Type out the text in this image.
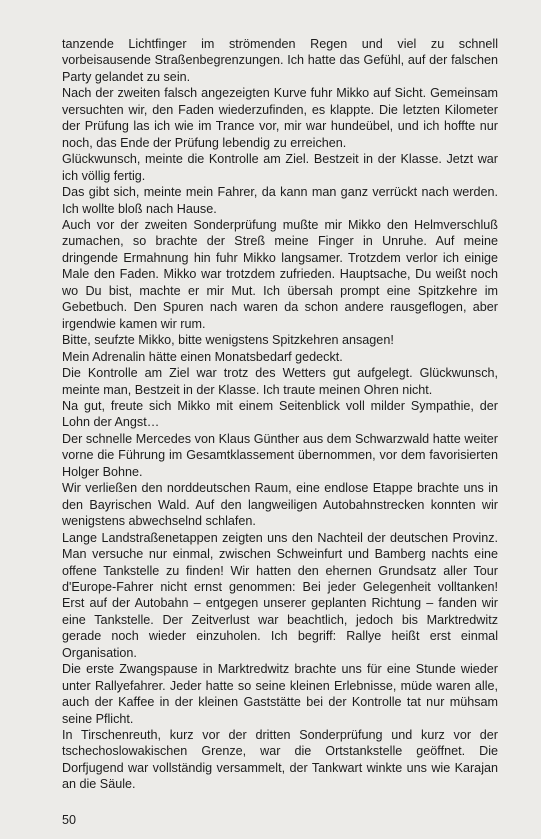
tanzende Lichtfinger im strömenden Regen und viel zu schnell vorbeisausende Straßenbegrenzungen. Ich hatte das Gefühl, auf der falschen Party gelandet zu sein.

Nach der zweiten falsch angezeigten Kurve fuhr Mikko auf Sicht. Gemeinsam versuchten wir, den Faden wiederzufinden, es klappte. Die letzten Kilometer der Prüfung las ich wie im Trance vor, mir war hundeübel, und ich hoffte nur noch, das Ende der Prüfung lebendig zu erreichen.

Glückwunsch, meinte die Kontrolle am Ziel. Bestzeit in der Klasse. Jetzt war ich völlig fertig.

Das gibt sich, meinte mein Fahrer, da kann man ganz verrückt nach werden. Ich wollte bloß nach Hause.

Auch vor der zweiten Sonderprüfung mußte mir Mikko den Helmverschluß zumachen, so brachte der Streß meine Finger in Unruhe. Auf meine dringende Ermahnung hin fuhr Mikko langsamer. Trotzdem verlor ich einige Male den Faden. Mikko war trotzdem zufrieden. Hauptsache, Du weißt noch wo Du bist, machte er mir Mut. Ich übersah prompt eine Spitzkehre im Gebetbuch. Den Spuren nach waren da schon andere rausgeflogen, aber irgendwie kamen wir rum.

Bitte, seufzte Mikko, bitte wenigstens Spitzkehren ansagen!

Mein Adrenalin hätte einen Monatsbedarf gedeckt.

Die Kontrolle am Ziel war trotz des Wetters gut aufgelegt. Glückwunsch, meinte man, Bestzeit in der Klasse. Ich traute meinen Ohren nicht.

Na gut, freute sich Mikko mit einem Seitenblick voll milder Sympathie, der Lohn der Angst…

Der schnelle Mercedes von Klaus Günther aus dem Schwarzwald hatte weiter vorne die Führung im Gesamtklassement übernommen, vor dem favorisierten Holger Bohne.

Wir verließen den norddeutschen Raum, eine endlose Etappe brachte uns in den Bayrischen Wald. Auf den langweiligen Autobahnstrecken konnten wir wenigstens abwechselnd schlafen.

Lange Landstraßenetappen zeigten uns den Nachteil der deutschen Provinz. Man versuche nur einmal, zwischen Schweinfurt und Bamberg nachts eine offene Tankstelle zu finden! Wir hatten den ehernen Grundsatz aller Tour d'Europe-Fahrer nicht ernst genommen: Bei jeder Gelegenheit volltanken! Erst auf der Autobahn – entgegen unserer geplanten Richtung – fanden wir eine Tankstelle. Der Zeitverlust war beachtlich, jedoch bis Marktredwitz gerade noch wieder einzuholen. Ich begriff: Rallye heißt erst einmal Organisation.

Die erste Zwangspause in Marktredwitz brachte uns für eine Stunde wieder unter Rallyefahrer. Jeder hatte so seine kleinen Erlebnisse, müde waren alle, auch der Kaffee in der kleinen Gaststätte bei der Kontrolle tat nur mühsam seine Pflicht.

In Tirschenreuth, kurz vor der dritten Sonderprüfung und kurz vor der tschechoslowakischen Grenze, war die Ortstankstelle geöffnet. Die Dorfjugend war vollständig versammelt, der Tankwart winkte uns wie Karajan an die Säule.

50
